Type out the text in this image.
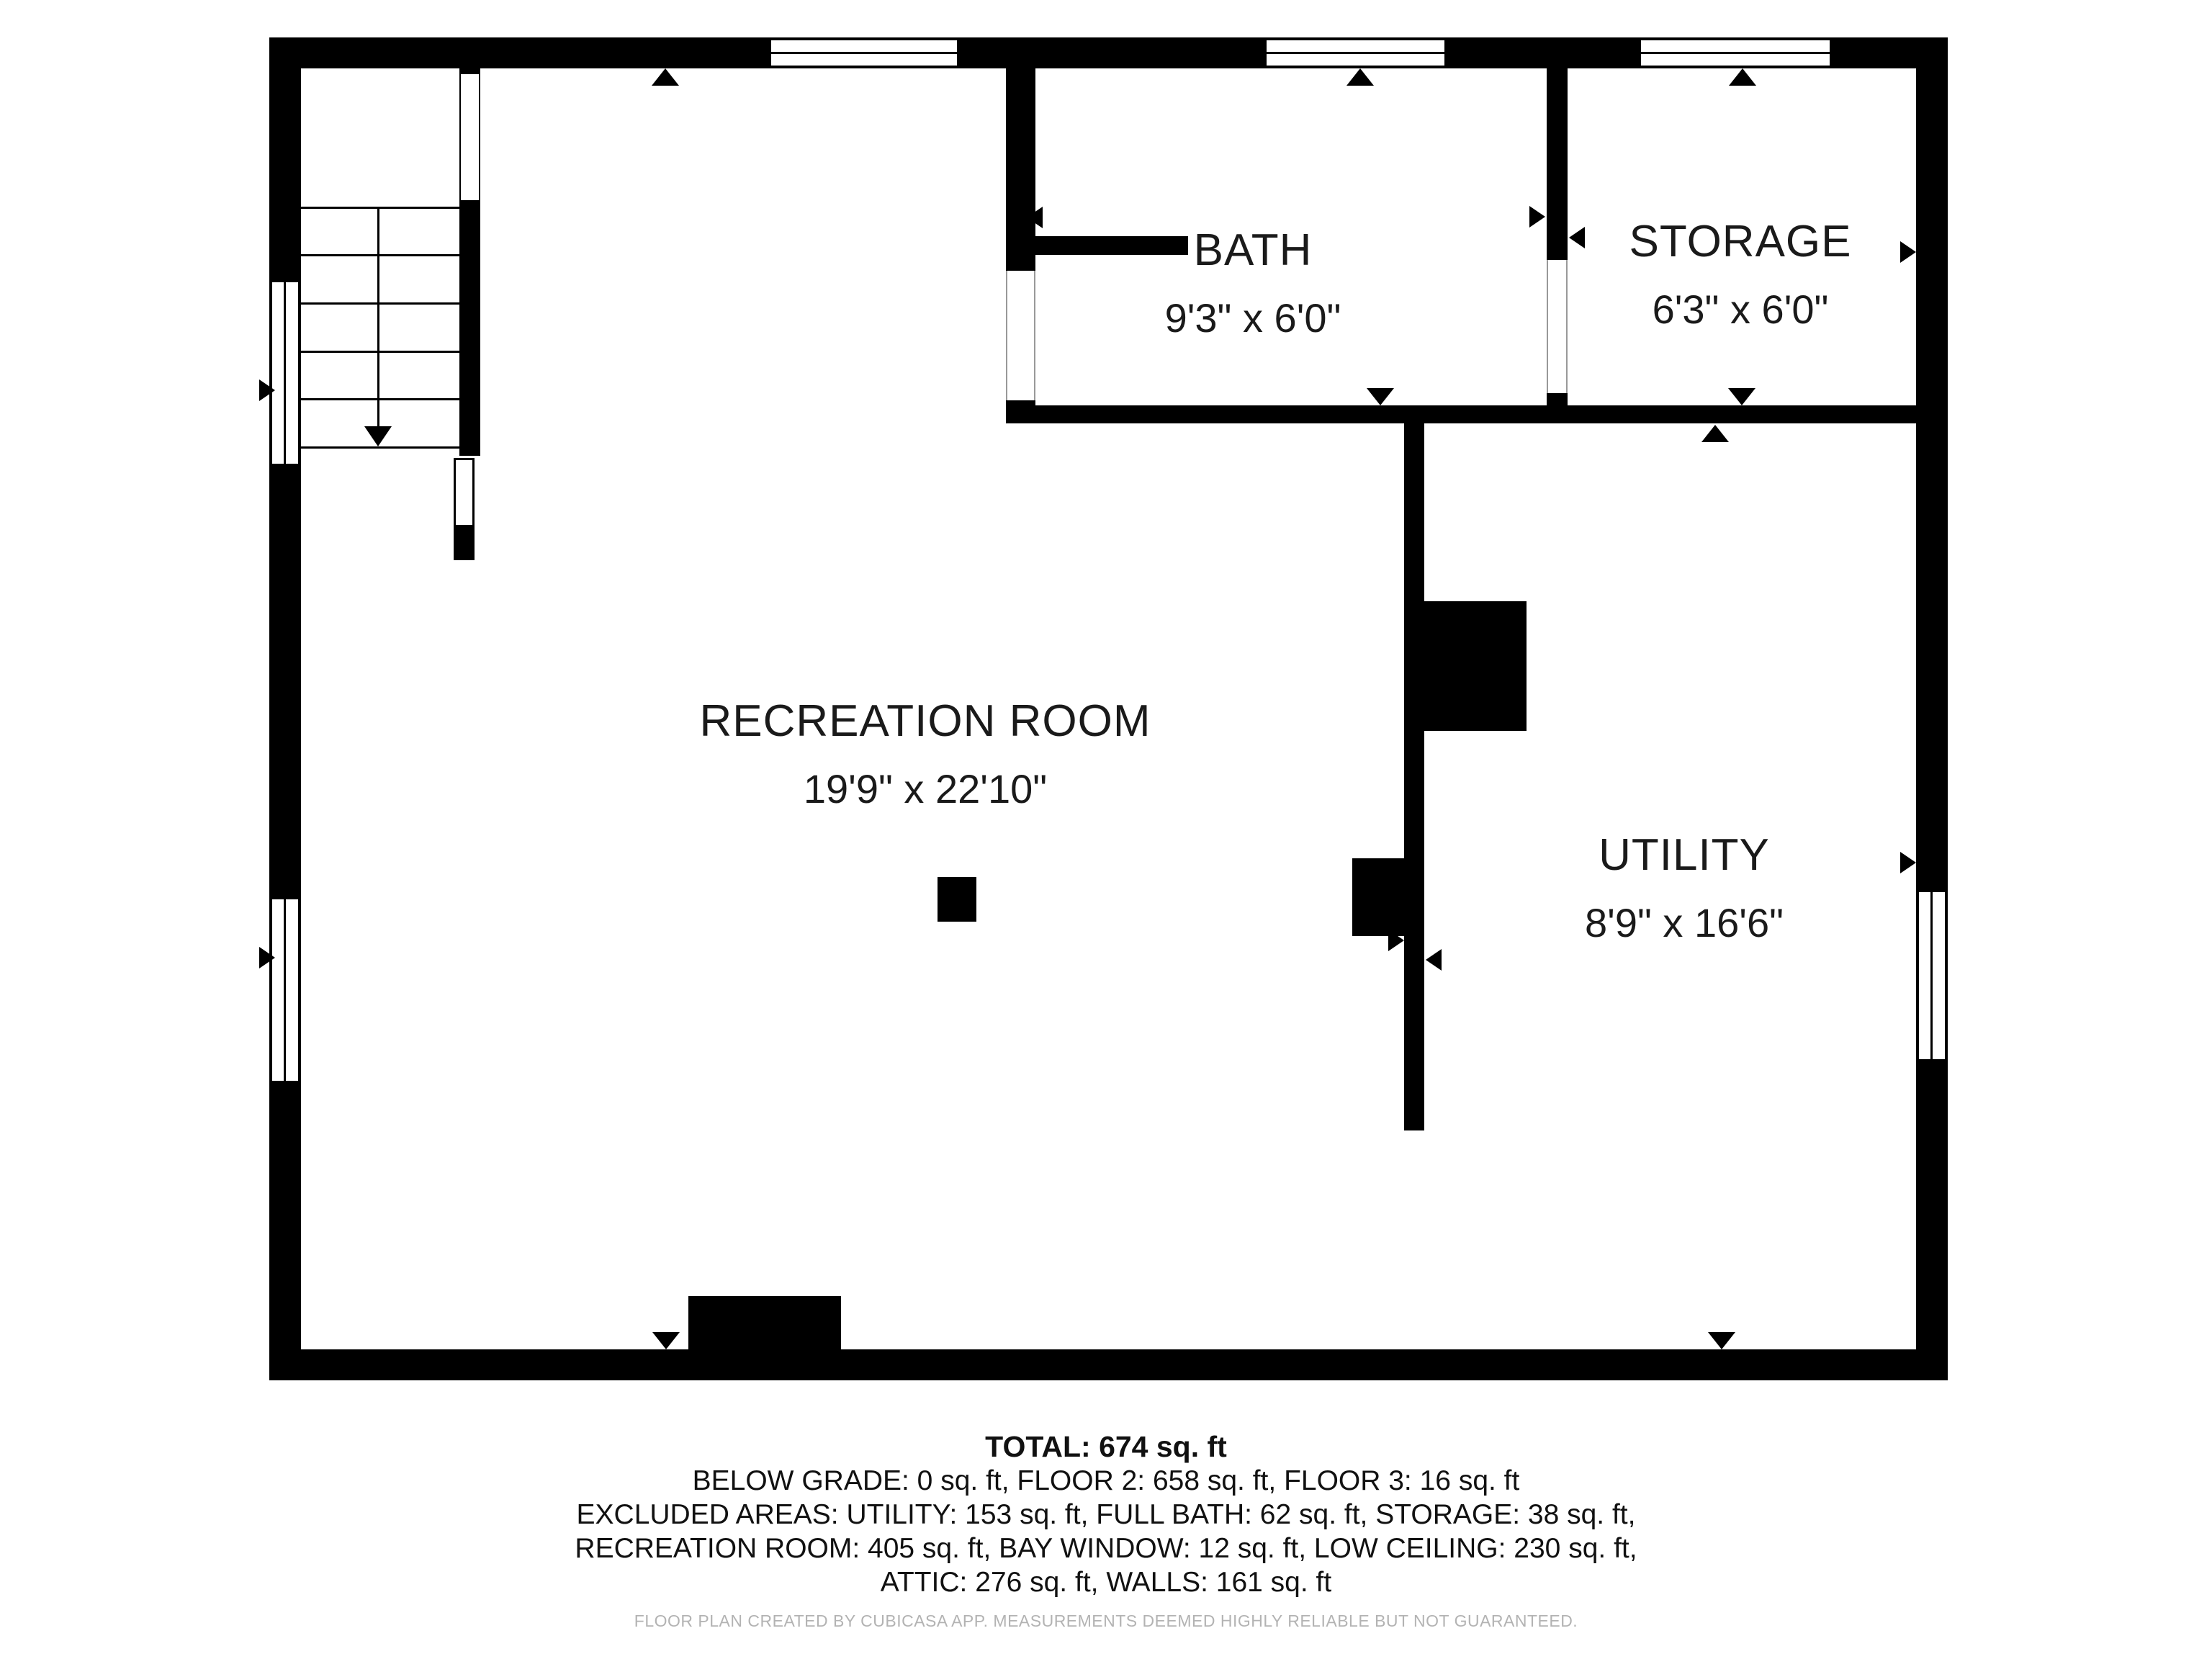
BATH
9'3" x 6'0"
STORAGE
6'3" x 6'0"
RECREATION ROOM
19'9" x 22'10"
UTILITY
8'9" x 16'6"
TOTAL: 674 sq. ft
BELOW GRADE: 0 sq. ft, FLOOR 2: 658 sq. ft, FLOOR 3: 16 sq. ft
EXCLUDED AREAS: UTILITY: 153 sq. ft, FULL BATH: 62 sq. ft, STORAGE: 38 sq. ft,
RECREATION ROOM: 405 sq. ft, BAY WINDOW: 12 sq. ft, LOW CEILING: 230 sq. ft,
ATTIC: 276 sq. ft, WALLS: 161 sq. ft
FLOOR PLAN CREATED BY CUBICASA APP. MEASUREMENTS DEEMED HIGHLY RELIABLE BUT NOT GUARANTEED.
